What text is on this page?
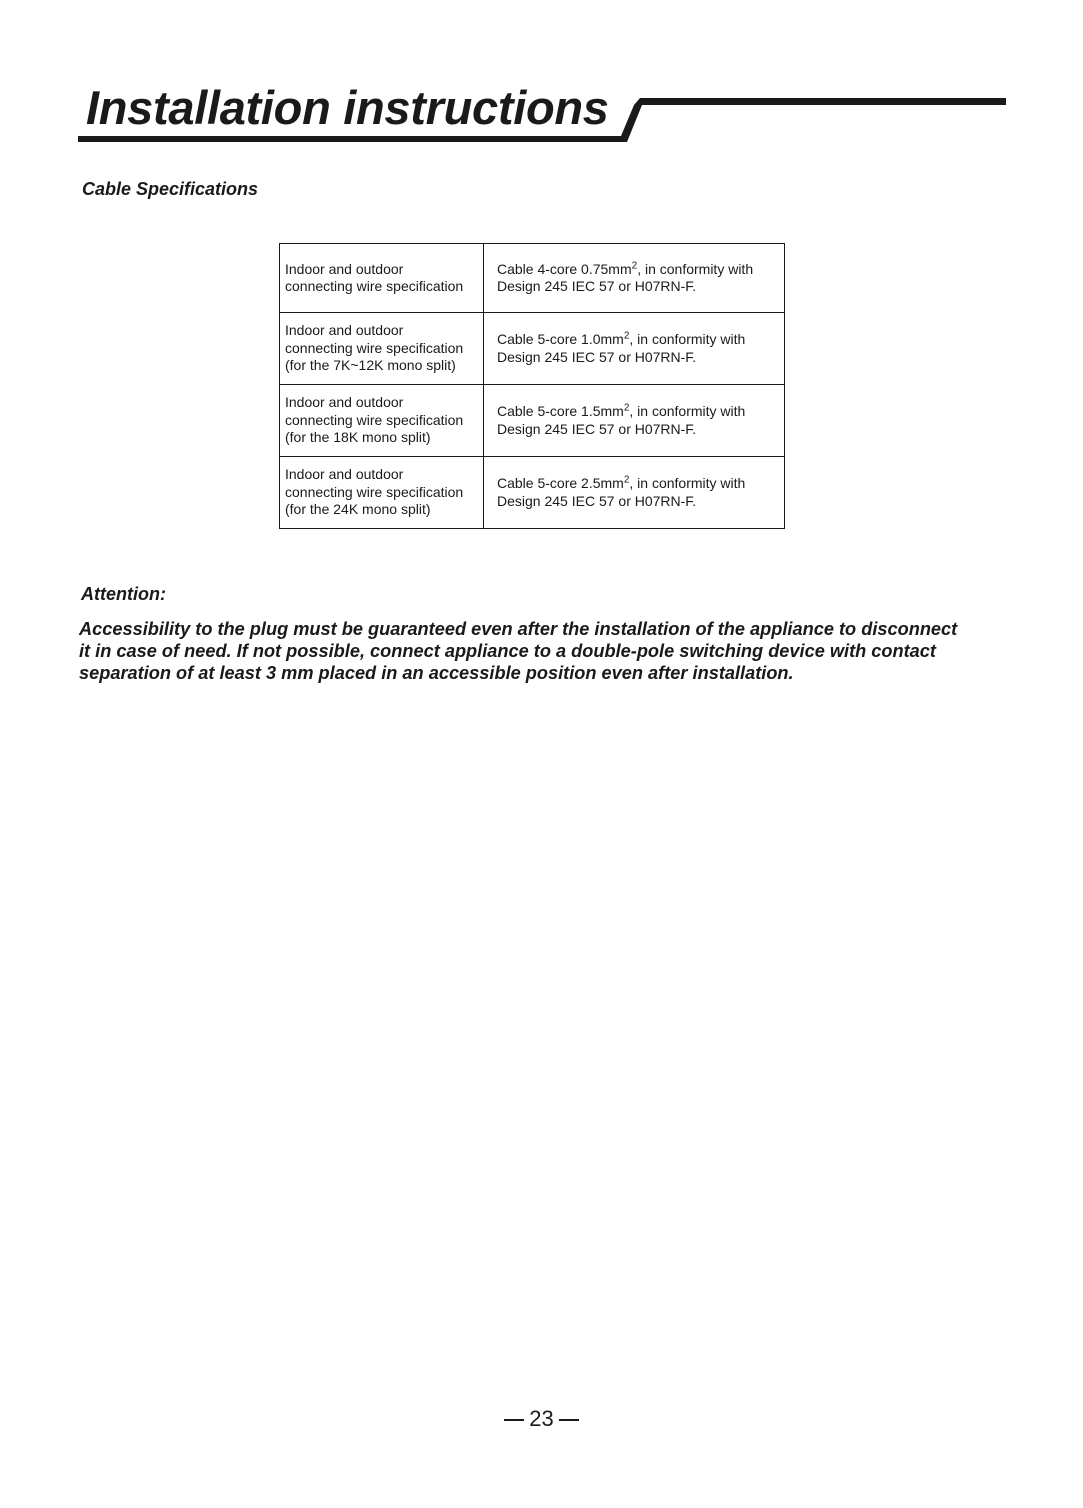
Installation instructions
Cable Specifications
Indoor and outdoor
connecting wire specification	Cable 4-core $0.75mm^2$, in conformity with
Design 245 IEC 57 or H07RN-F.

Indoor and outdoor
connecting wire specification
(for the 7K~12K mono split)	Cable 5-core $1.0mm^2$, in conformity with
Design 245 IEC 57 or H07RN-F.

Indoor and outdoor
connecting wire specification
(for the 18K mono split)	Cable 5-core $1.5mm^2$, in conformity with
Design 245 IEC 57 or H07RN-F.

Indoor and outdoor
connecting wire specification
(for the 24K mono split)	Cable 5-core $2.5mm^2$, in conformity with
Design 245 IEC 57 or H07RN-F.
Attention:

Accessibility to the plug must be guaranteed even after the installation of the appliance to disconnect
it in case of need. If not possible, connect appliance to a double-pole switching device with contact
separation of at least 3 mm placed in an accessible position even after installation.

23
